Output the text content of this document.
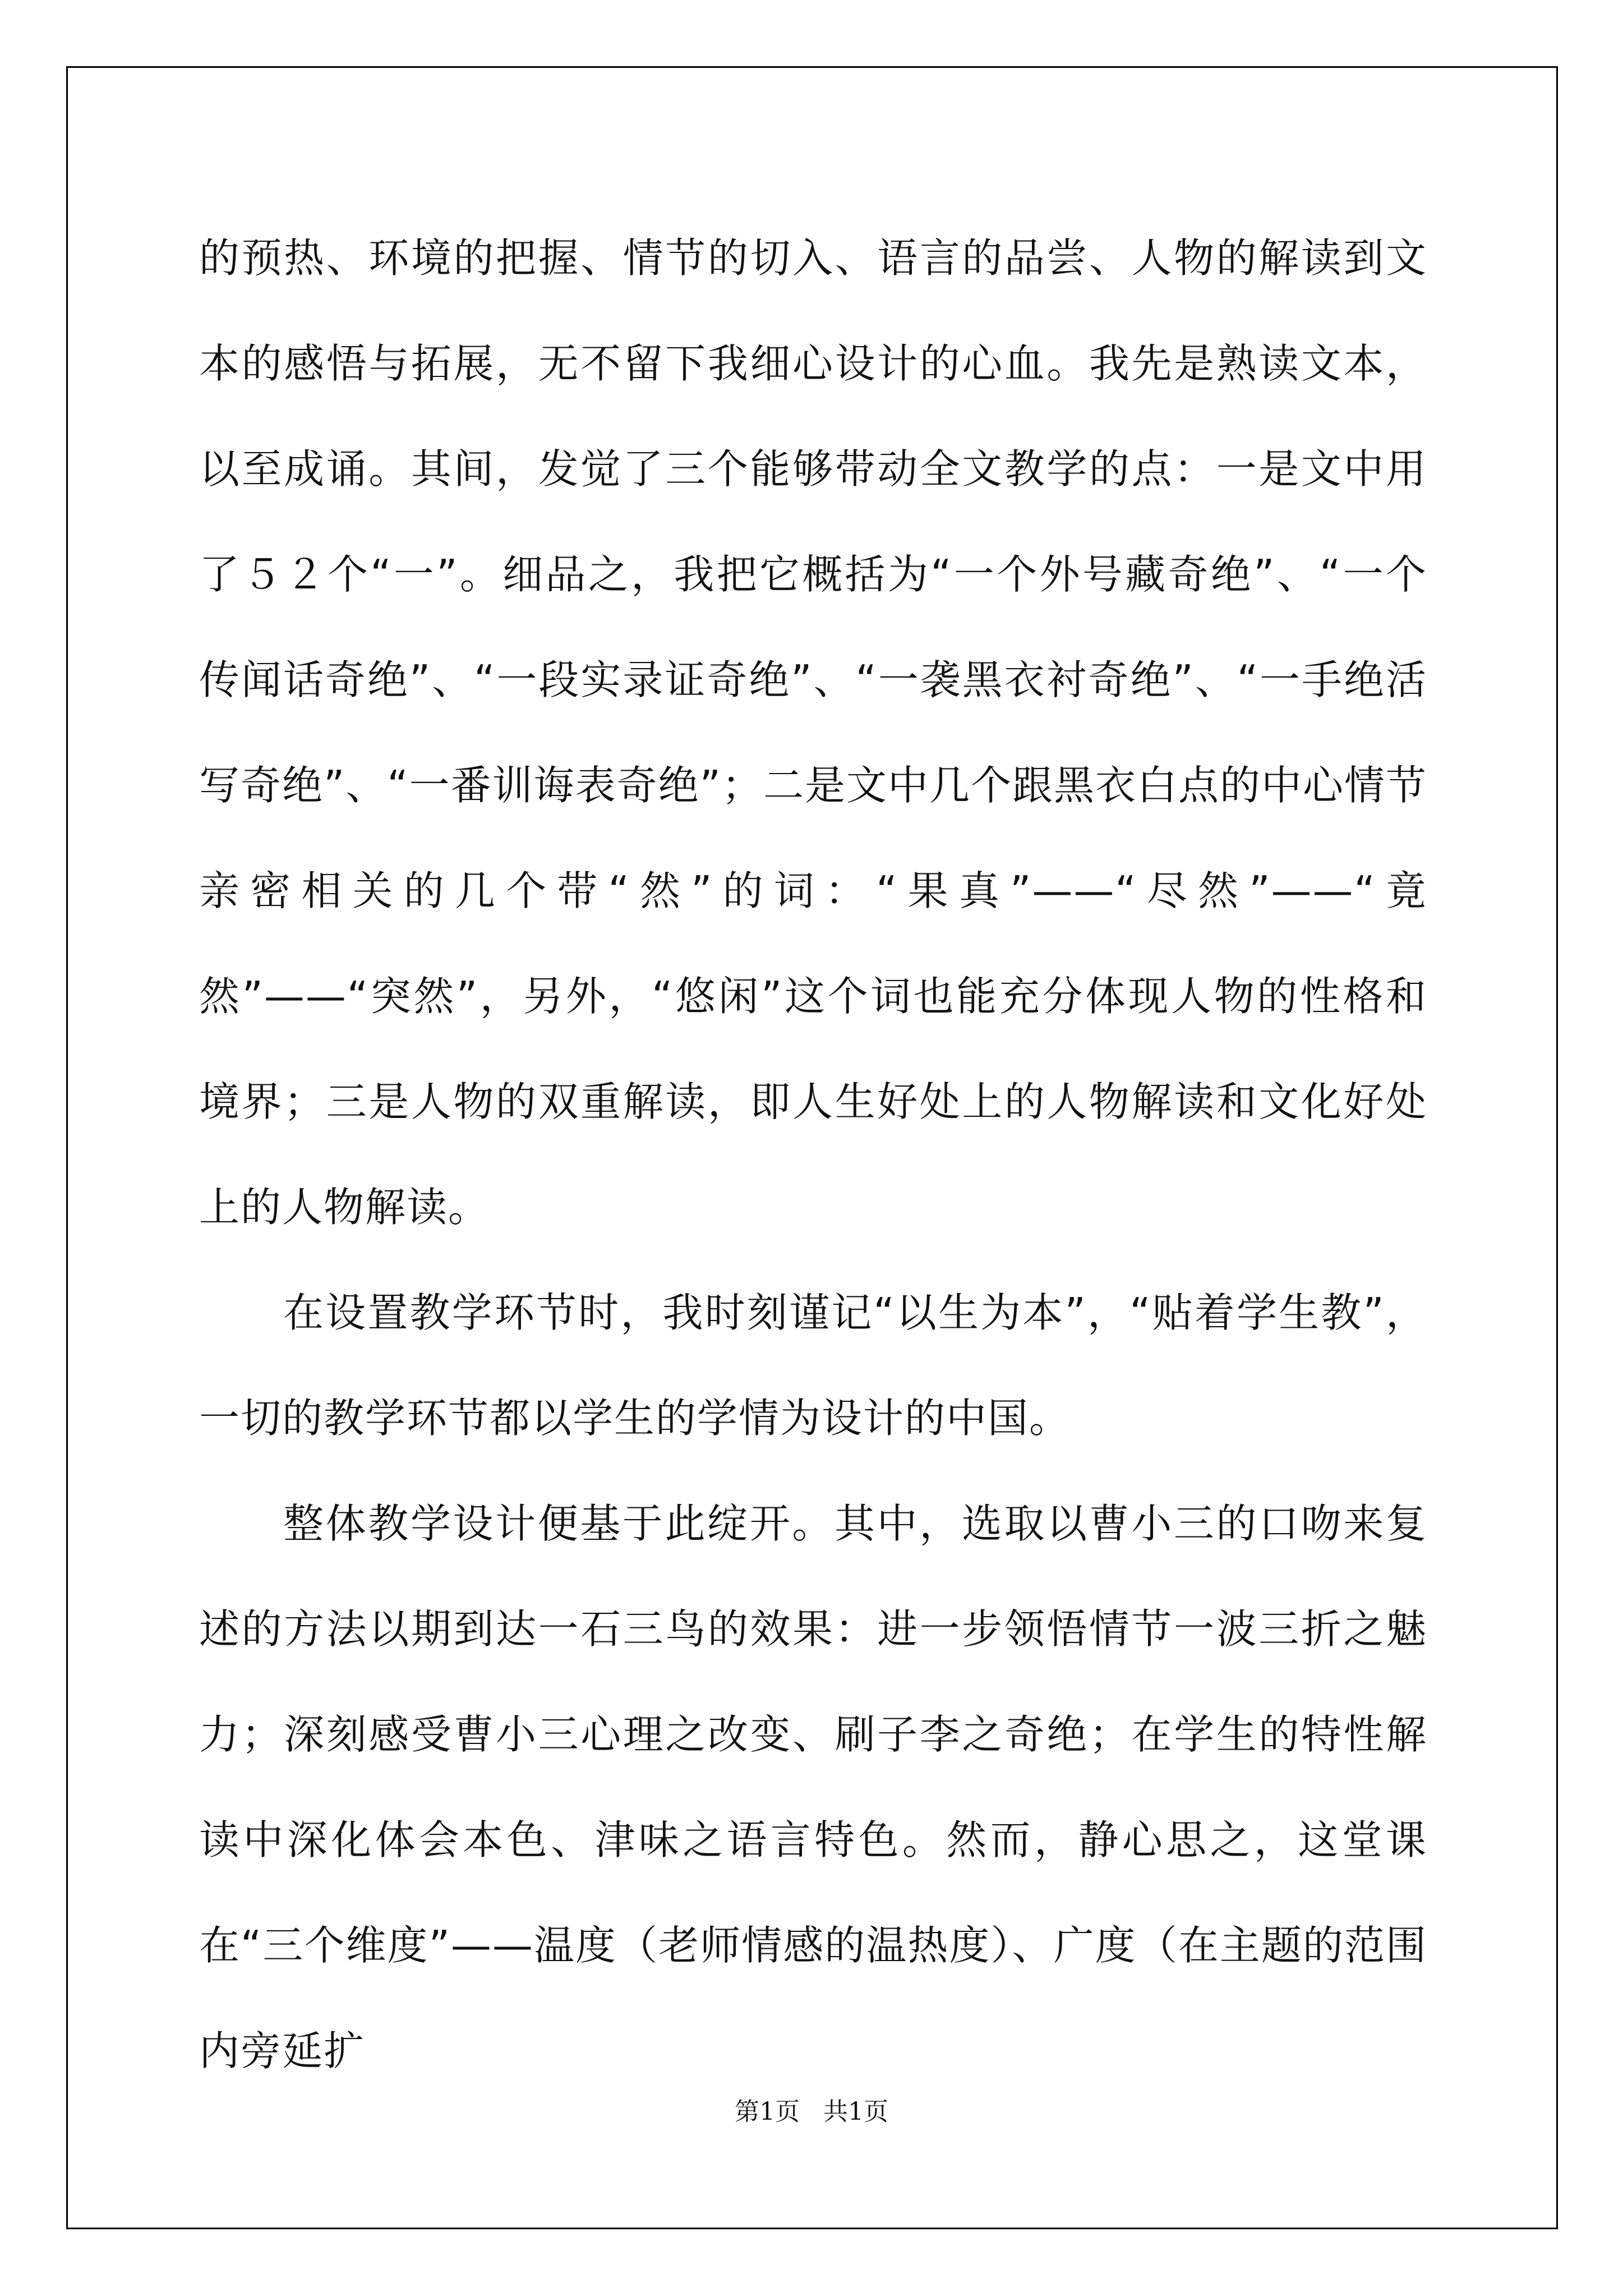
的预热、环境的把握、情节的切入、语言的品尝、人物的解读到文本的感悟与拓展，无不留下我细心设计的心血。我先是熟读文本，以至成诵。其间，发觉了三个能够带动全文教学的点：一是文中用了５２个“一”。细品之，我把它概括为“一个外号藏奇绝”、“一个传闻话奇绝”、“一段实录证奇绝”、“一袭黑衣衬奇绝”、“一手绝活写奇绝”、“一番训诲表奇绝”；二是文中几个跟黑衣白点的中心情节亲密相关的几个带“然”的词：“果真”——“尽然”——“竟然”——“突然”，另外，“悠闲”这个词也能充分体现人物的性格和境界；三是人物的双重解读，即人生好处上的人物解读和文化好处上的人物解读。

在设置教学环节时，我时刻谨记“以生为本”，“贴着学生教”，一切的教学环节都以学生的学情为设计的中国。

整体教学设计便基于此绽开。其中，选取以曹小三的口吻来复述的方法以期到达一石三鸟的效果：进一步领悟情节一波三折之魅力；深刻感受曹小三心理之改变、刷子李之奇绝；在学生的特性解读中深化体会本色、津味之语言特色。然而，静心思之，这堂课在“三个维度”——温度（老师情感的温热度）、广度（在主题的范围内旁延扩

第1页 共1页
